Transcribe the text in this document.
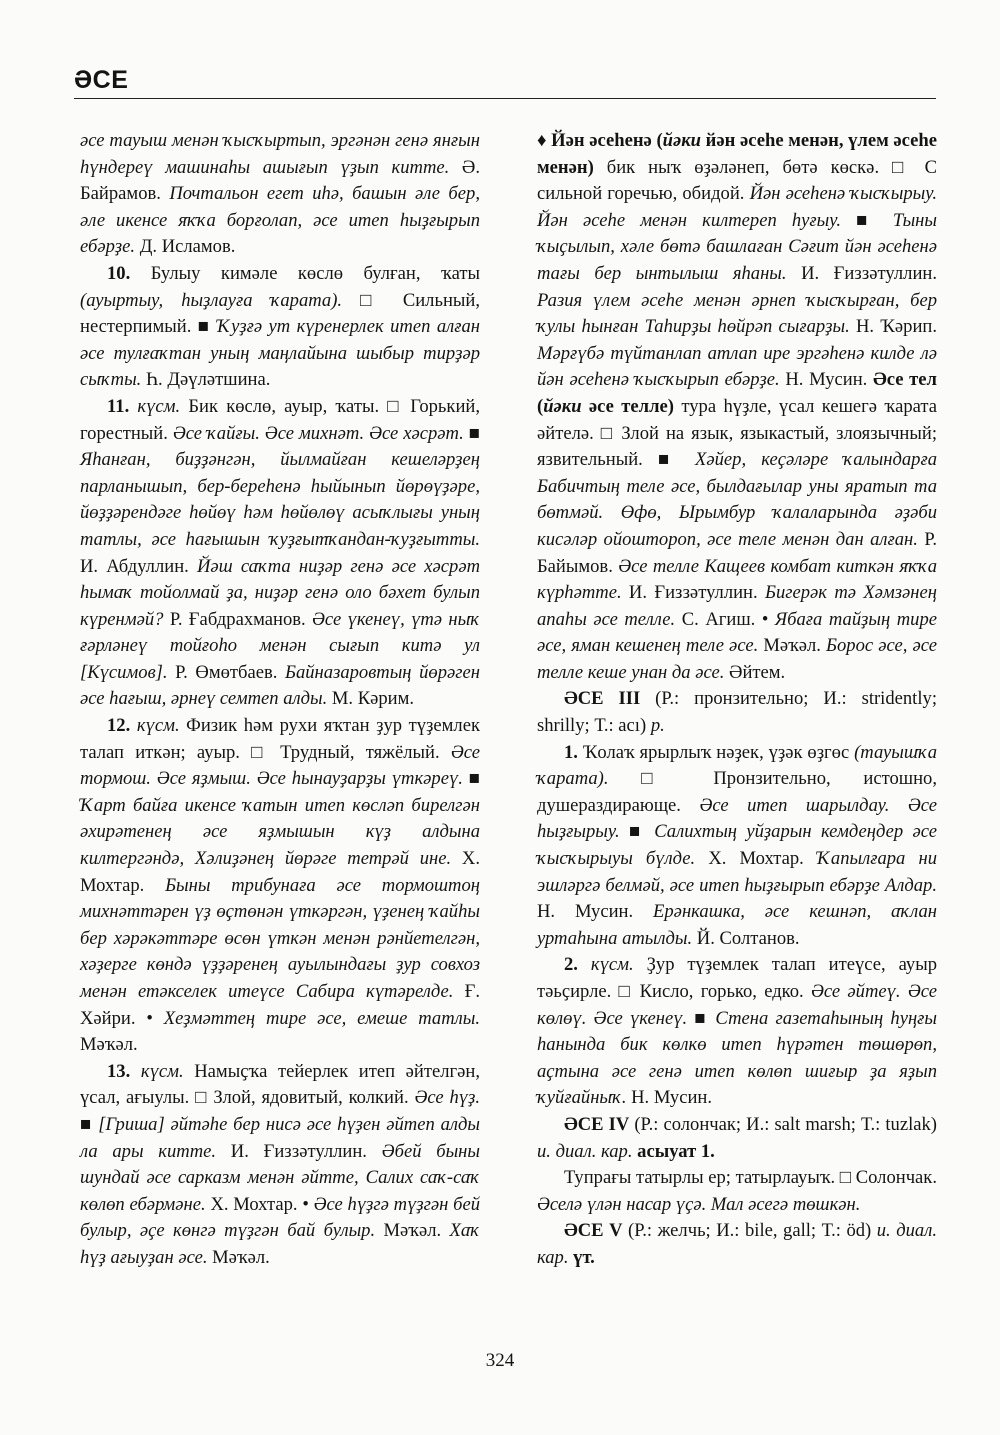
ӘСЕ

әсе тауыш менән ҡысҡыртып, эргәнән генә янғын һүндереү машинаһы ашығып үҙып китте. Ә. Байрамов. Почтальон егет иһә, башын әле бер, әле икенсе яҡҡа борғолап, әсе итеп һыҙғырып ебәрҙе. Д. Исламов.

10. Булыу кимәле көслө булған, ҡаты (ауыртыу, һыҙлауға ҡарата). □ Сильный, нестерпимый. ■ Ҡуҙғә ут күренерлек итеп алған әсе тулғаҡтан уның маңлайына шыбыр тирҙәр сыҡты. Һ. Дәүләтшина.

11. күсм. Бик көслө, ауыр, ҡаты. □ Горький, горестный. Әсе ҡайғы. Әсе михнәт. Әсе хәсрәт. ■ Яһанған, биҙҙәнгән, йылмайған кешеләрҙең парланышып, бер-береһенә һыйынып йөрөүҙәре, йөҙҙәрендәге һөйөү һәм һөйөлөү асыҡлығы уның татлы, әсе һағышын ҡуҙғытҡандан-ҡуҙғытты. И. Абдуллин. Йәш саҡта ниҙәр генә әсе хәсрәт һымаҡ тойолмай ҙа, ниҙәр генә оло бәхет булып күренмәй? Р. Ғабдрахманов. Әсе үкенеү, үтә ныҡ ғәрләнеү тойғоһо менән сығып китә ул [Күсимов]. Р. Өмөтбаев. Байназаровтың йөрәген әсе һағыш, әрнеү семтеп алды. М. Кәрим.

12. күсм. Физик һәм рухи яҡтан ҙур түҙемлек талап иткән; ауыр. □ Трудный, тяжёлый. Әсе тормош. Әсе яҙмыш. Әсе һынауҙарҙы үткәреү. ■ Ҡарт байға икенсе ҡатын итеп көсләп бирелгән әхирәтенең әсе яҙмышын күҙ алдына килтергәндә, Хәлиҙәнең йөрәге тетрәй ине. Х. Мохтар. Быны трибунаға әсе тормоштоң михнәттәрен үҙ өҫтөнән үткәргән, үҙенең ҡайһы бер хәрәкәттәре өсөн үткән менән рәнйетелгән, хәҙерге көндә үҙҙәренең ауылындағы ҙур совхоз менән етәкселек итеүсе Сабира күтәрелде. Ғ. Хәйри. • Хеҙмәттең тире әсе, емеше татлы. Мәҡәл.

13. күсм. Намыҫҡа тейерлек итеп әйтелгән, үсал, ағыулы. □ Злой, ядовитый, колкий. Әсе һүҙ. ■ [Гриша] әйтәһе бер нисә әсе һүҙен әйтеп алды ла ары китте. И. Ғиззәтуллин. Әбей быны шундай әсе сарказм менән әйтте, Салих саҡ-саҡ көлөп ебәрмәне. Х. Мохтар. • Әсе һүҙгә түҙгән бей булыр, әҫе көнгә түҙгән бай булыр. Мәҡәл. Хаҡ һүҙ ағыуҙан әсе. Мәҡәл.

♦ Йән әсеһенә (йәки йән әсеһе менән, үлем әсеһе менән) бик ныҡ өҙәләнеп, бөтә көскә. □ С сильной горечью, обидой. Йән әсеһенә ҡысҡырыу. Йән әсеһе менән килтереп һуғыу. ■ Тыны ҡыҫылып, хәле бөтә башлаған Сәғит йән әсеһенә тағы бер ынтылыш яһаны. И. Ғиззәтуллин. Разия үлем әсеһе менән әрнеп ҡысҡырған, бер ҡулы һынған Таһирҙы һөйрәп сығарҙы. Н. Ҡәрип. Мәрғүбә түйтанлап атлап ире эргәһенә килде лә йән әсеһенә ҡысҡырып ебәрҙе. Н. Мусин. Әсе тел (йәки әсе телле) тура һүҙле, үсал кешегә ҡарата әйтелә. □ Злой на язык, языкастый, злоязычный; язвительный. ■ Хәйер, кеҫәләре ҡалындарға Бабичтың теле әсе, былдағылар уны яратып та бөтмәй. Өфө, Ырымбур ҡалаларында әҙәби кисәләр ойоштороп, әсе теле менән дан алған. Р. Байымов. Әсе телле Кащеев комбат киткән яҡҡа күрһәтте. И. Ғиззәтуллин. Бигерәк тә Хәмзәнең апаһы әсе телле. С. Агиш. • Ябаға тайҙың тире әсе, яман кешенең теле әсе. Мәҡәл. Борос әсе, әсе телле кеше унан да әсе. Әйтем.

ӘСЕ III (Р.: пронзительно; И.: stridently; shrilly; Т.: acı) р.

1. Ҡолаҡ ярырлыҡ нәҙек, үҙәк өҙгөс (тауышҡа ҡарата). □ Пронзительно, истошно, душераздирающе. Әсе итеп шарылдау. Әсе һыҙғырыу. ■ Салихтың уйҙарын кемдеңдер әсе ҡысҡырыуы бүлде. Х. Мохтар. Ҡапылғара ни эшләргә белмәй, әсе итеп һыҙғырып ебәрҙе Алдар. Н. Мусин. Ерәнкашка, әсе кешнәп, аҡлан уртаһына атылды. Й. Солтанов.

2. күсм. Ҙур түҙемлек талап итеүсе, ауыр тәьҫирле. □ Кисло, горько, едко. Әсе әйтеү. Әсе көлөү. Әсе үкенеү. ■ Стена газетаһының һуңғы һанында бик көлкө итеп һүрәтен төшөрөп, аҫтына әсе генә итеп көлөп шиғыр ҙа яҙып ҡуйғайныҡ. Н. Мусин.

ӘСЕ IV (Р.: солончак; И.: salt marsh; Т.: tuzlak) и. диал. кар. асыуат 1.

Тупрағы татырлы ер; татырлауыҡ. □ Солончак. Әселә үлән насар үҫә. Мал әсегә төшкән.

ӘСЕ V (Р.: желчь; И.: bile, gall; Т.: öd) и. диал. кар. үт.

324
